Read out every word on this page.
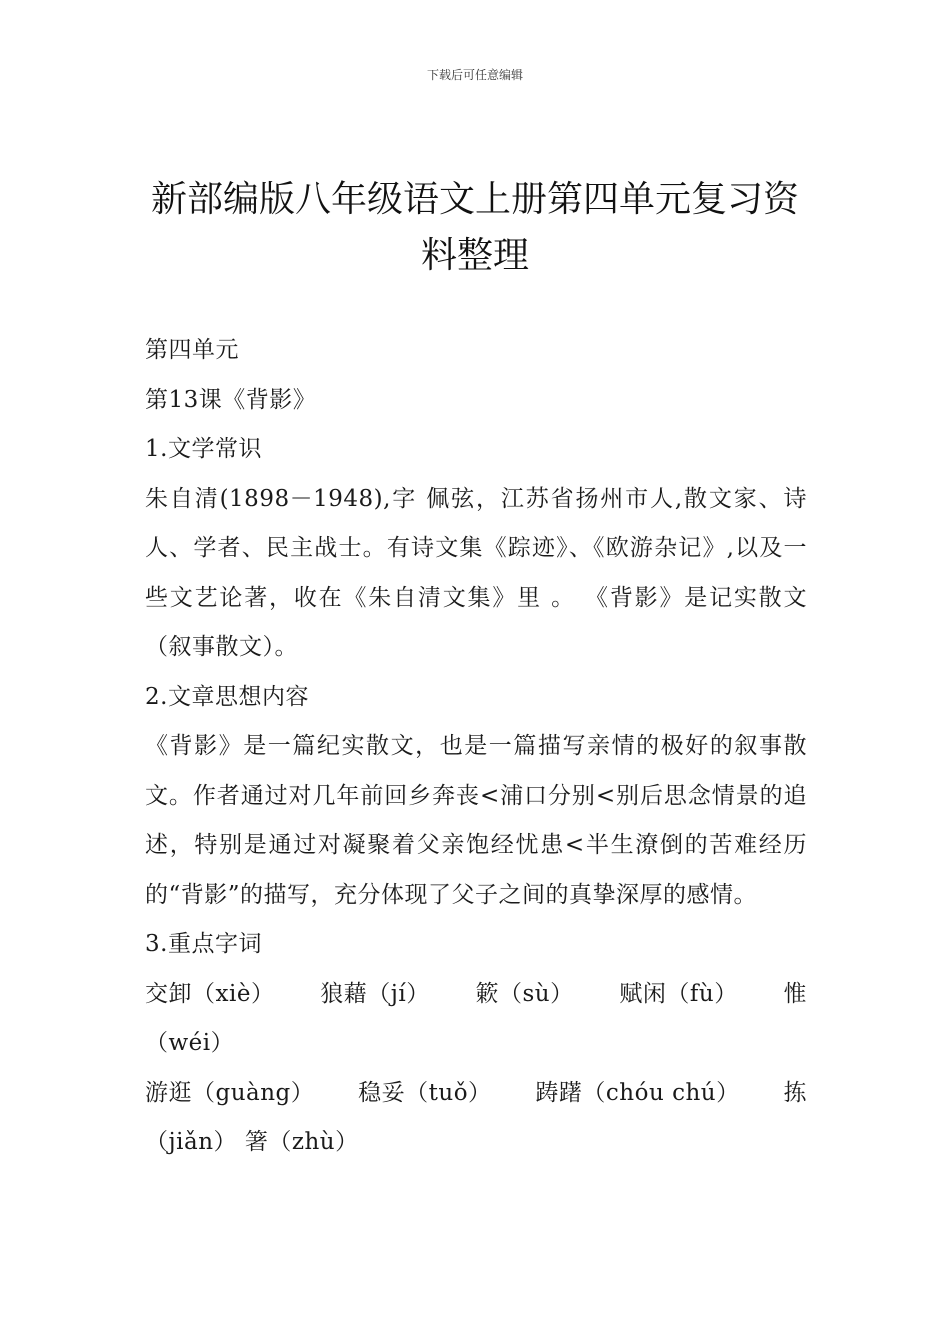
下载后可任意编辑
新部编版八年级语文上册第四单元复习资料整理

第四单元

第13课《背影》

1.文学常识

朱自清(1898－1948),字 佩弦，江苏省扬州市人,散文家、诗人、学者、民主战士。有诗文集《踪迹》、《欧游杂记》,以及一些文艺论著，收在《朱自清文集》里 。 《背影》是记实散文（叙事散文）。

2.文章思想内容

《背影》是一篇纪实散文，也是一篇描写亲情的极好的叙事散文。作者通过对几年前回乡奔丧<浦口分别<别后思念情景的追述，特别是通过对凝聚着父亲饱经忧患<半生潦倒的苦难经历的“背影”的描写，充分体现了父子之间的真挚深厚的感情。

3.重点字词

交卸（xiè） 狼藉（jí） 簌（sù） 赋闲（fù） 惟

（wéi）

游逛（guàng） 稳妥（tuǒ） 踌躇（chóu chú） 拣

（jiǎn） 箸（zhù）
